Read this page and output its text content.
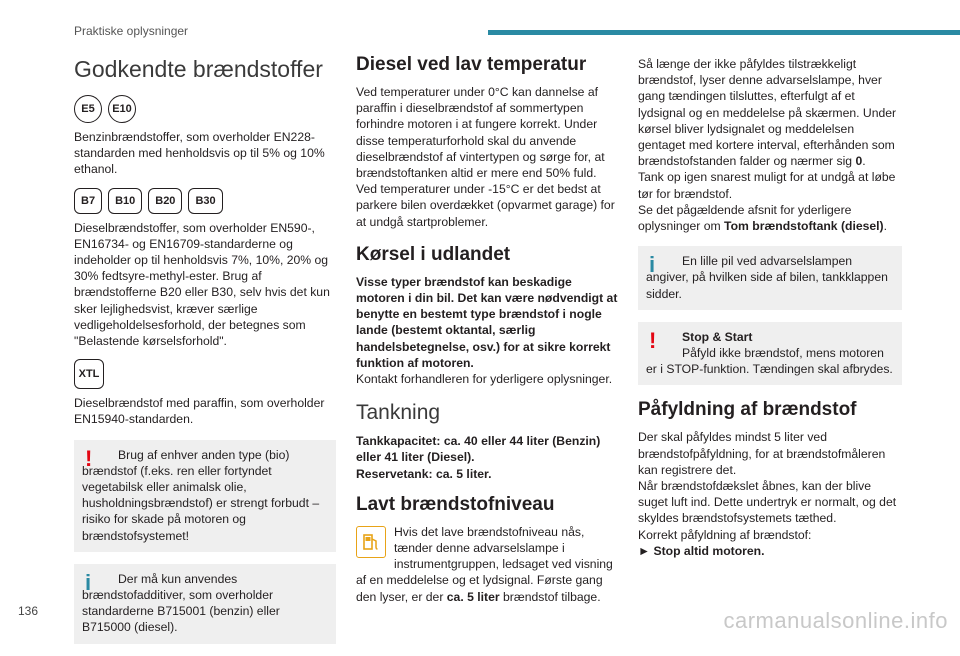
Praktiske oplysninger
Godkendte brændstoffer
E5	E10

Benzinbrændstoffer, som overholder EN228-standarden med henholdsvis op til 5% og 10% ethanol.

B7	B10	B20	B30

Dieselbrændstoffer, som overholder EN590-, EN16734- og EN16709-standarderne og indeholder op til henholdsvis 7%, 10%, 20% og 30% fedtsyre-methyl-ester. Brug af brændstofferne B20 eller B30, selv hvis det kun sker lejlighedsvist, kræver særlige vedligeholdelsesforhold, der betegnes som "Belastende kørselsforhold".

XTL

Dieselbrændstof med paraffin, som overholder EN15940-standarden.

!	Brug af enhver anden type (bio) brændstof (f.eks. ren eller fortyndet vegetabilsk eller animalsk olie, husholdningsbrændstof) er strengt forbudt – risiko for skade på motoren og brændstofsystemet!

i	Der må kun anvendes brændstofadditiver, som overholder standarderne B715001 (benzin) eller B715000 (diesel).

Diesel ved lav temperatur

Ved temperaturer under 0°C kan dannelse af paraffin i dieselbrændstof af sommertypen forhindre motoren i at fungere korrekt. Under disse temperaturforhold skal du anvende dieselbrændstof af vintertypen og sørge for, at brændstoftanken altid er mere end 50% fuld. Ved temperaturer under -15°C er det bedst at parkere bilen overdækket (opvarmet garage) for at undgå startproblemer.

Kørsel i udlandet

Visse typer brændstof kan beskadige motoren i din bil. Det kan være nødvendigt at benytte en bestemt type brændstof i nogle lande (bestemt oktantal, særlig handelsbetegnelse, osv.) for at sikre korrekt funktion af motoren.

Kontakt forhandleren for yderligere oplysninger.

Tankning

Tankkapacitet: ca. 40 eller 44 liter (Benzin) eller 41 liter (Diesel).

Reservetank: ca. 5 liter.

Lavt brændstofniveau

Hvis det lave brændstofniveau nås, tænder denne advarselslampe i instrumentgruppen, ledsaget ved visning af en meddelelse og et lydsignal. Første gang den lyser, er der ca. 5 liter brændstof tilbage.

Så længe der ikke påfyldes tilstrækkeligt brændstof, lyser denne advarselslampe, hver gang tændingen tilsluttes, efterfulgt af et lydsignal og en meddelelse på skærmen. Under kørsel bliver lydsignalet og meddelelsen gentaget med kortere interval, efterhånden som brændstofstanden falder og nærmer sig 0.

Tank op igen snarest muligt for at undgå at løbe tør for brændstof.

Se det pågældende afsnit for yderligere oplysninger om Tom brændstoftank (diesel).

i	En lille pil ved advarselslampen angiver, på hvilken side af bilen, tankklappen sidder.

!	Stop & Start

Påfyld ikke brændstof, mens motoren er i STOP-funktion. Tændingen skal afbrydes.

Påfyldning af brændstof

Der skal påfyldes mindst 5 liter ved brændstofpåfyldning, for at brændstofmåleren kan registrere det.

Når brændstofdækslet åbnes, kan der blive suget luft ind. Dette undertryk er normalt, og det skyldes brændstofsystemets tæthed.

Korrekt påfyldning af brændstof:

► Stop altid motoren.

136	carmanualsonline.info
